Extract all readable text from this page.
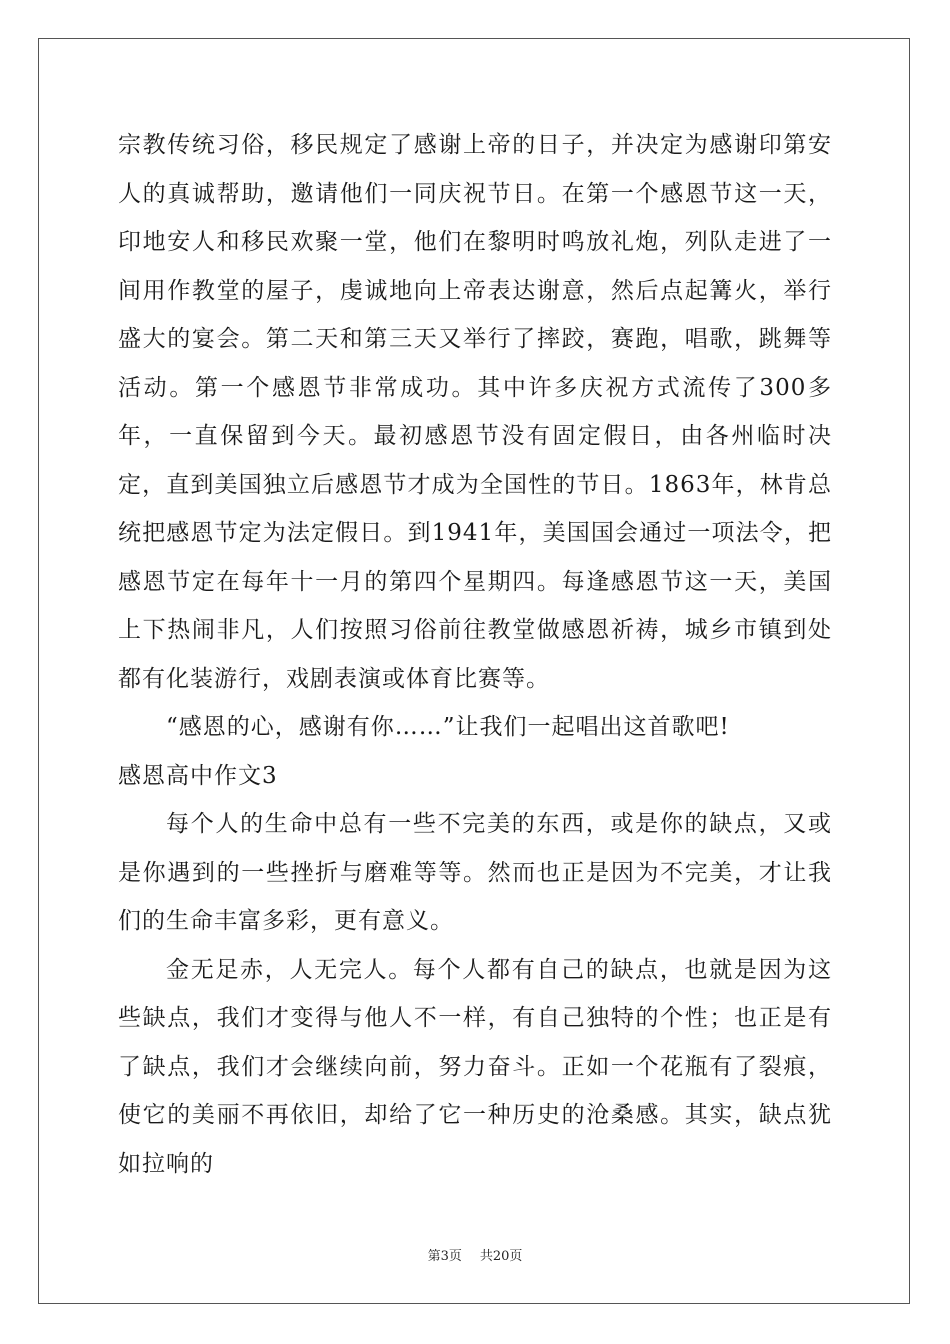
宗教传统习俗，移民规定了感谢上帝的日子，并决定为感谢印第安人的真诚帮助，邀请他们一同庆祝节日。在第一个感恩节这一天，印地安人和移民欢聚一堂，他们在黎明时鸣放礼炮，列队走进了一间用作教堂的屋子，虔诚地向上帝表达谢意，然后点起篝火，举行盛大的宴会。第二天和第三天又举行了摔跤，赛跑，唱歌，跳舞等活动。第一个感恩节非常成功。其中许多庆祝方式流传了300多年，一直保留到今天。最初感恩节没有固定假日，由各州临时决定，直到美国独立后感恩节才成为全国性的节日。1863年，林肯总统把感恩节定为法定假日。到1941年，美国国会通过一项法令，把感恩节定在每年十一月的第四个星期四。每逢感恩节这一天，美国上下热闹非凡，人们按照习俗前往教堂做感恩祈祷，城乡市镇到处都有化装游行，戏剧表演或体育比赛等。

“感恩的心，感谢有你……”让我们一起唱出这首歌吧!

感恩高中作文3

每个人的生命中总有一些不完美的东西，或是你的缺点，又或是你遇到的一些挫折与磨难等等。然而也正是因为不完美，才让我们的生命丰富多彩，更有意义。

金无足赤，人无完人。每个人都有自己的缺点，也就是因为这些缺点，我们才变得与他人不一样，有自己独特的个性；也正是有了缺点，我们才会继续向前，努力奋斗。正如一个花瓶有了裂痕，使它的美丽不再依旧，却给了它一种历史的沧桑感。其实，缺点犹如拉响的

第3页 共20页
